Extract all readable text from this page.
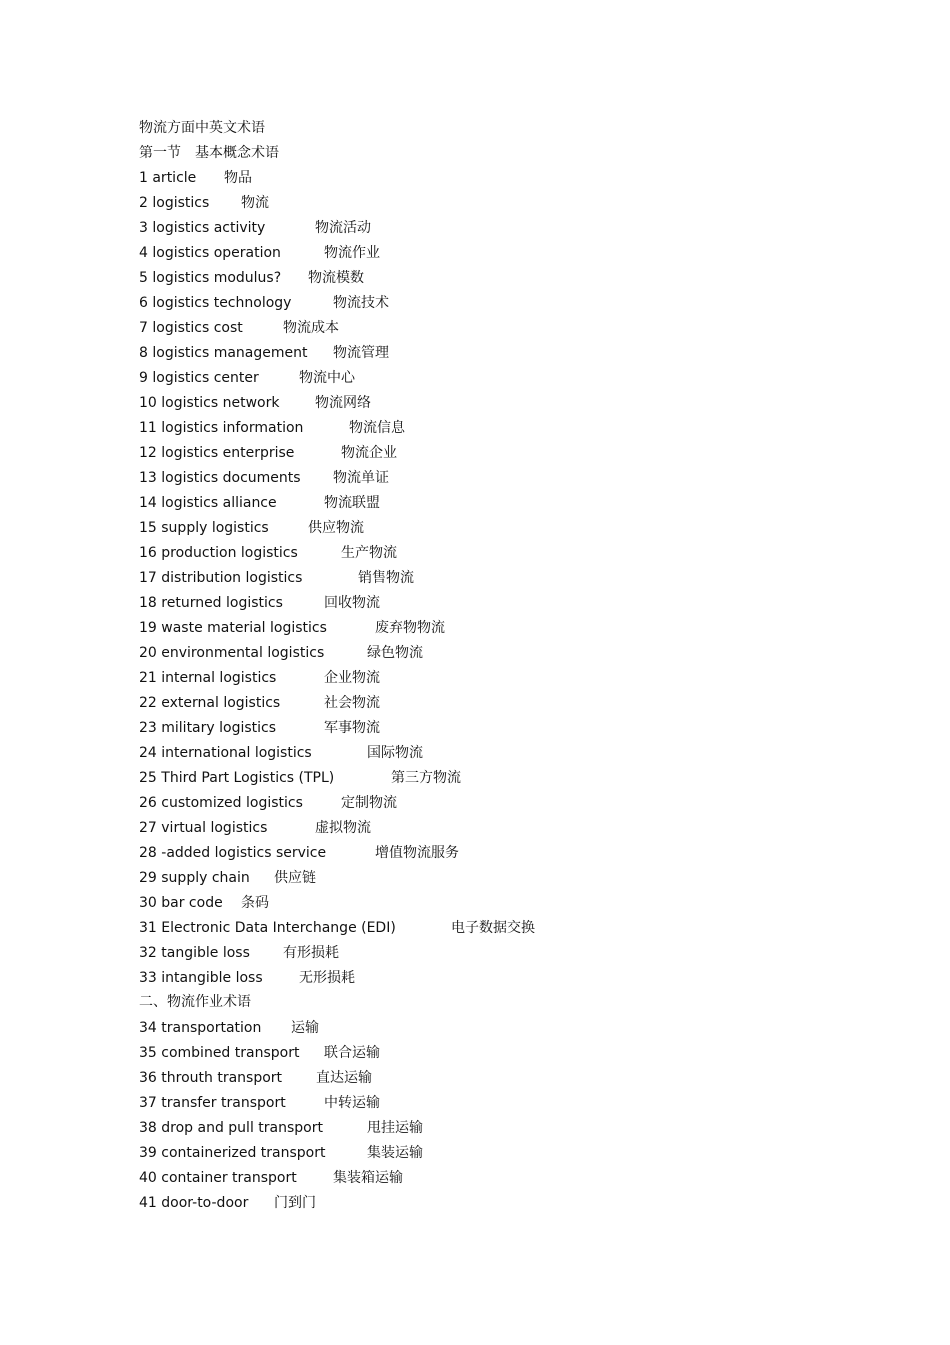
物流方面中英文术语
第一节　基本概念术语
二、物流作业术语
1 article 物品
2 logistics 物流
3 logistics activity	物流活动
4 logistics operation	物流作业
5 logistics modulus? 物流模数
6 logistics technology	物流技术
7 logistics cost	物流成本
8 logistics management 物流管理
9 logistics center	物流中心
10 logistics network	物流网络
11 logistics information	物流信息
12 logistics enterprise	物流企业
13 logistics documents 物流单证
14 logistics alliance	物流联盟
15 supply logistics	供应物流
16 production logistics	生产物流
17 distribution logistics	销售物流
18 returned logistics	回收物流
19 waste material logistics	废弃物物流
20 environmental logistics	绿色物流
21 internal logistics	企业物流
22 external logistics	社会物流
23 military logistics	军事物流
24 international logistics	国际物流
25 Third Part Logistics (TPL)	第三方物流
26 customized logistics	定制物流
27 virtual logistics	虚拟物流
28 -added logistics service	增值物流服务
29 supply chain 供应链
30 bar code 条码
31 Electronic Data Interchange (EDI)	电子数据交换
32 tangible loss 有形损耗
33 intangible loss	无形损耗
34 transportation 运输
35 combined transport 联合运输
36 throuth transport 直达运输
37 transfer transport	中转运输
38 drop and pull transport	甩挂运输
39 containerized transport	集装运输
40 container transport	集装箱运输
41 door-to-door 门到门
